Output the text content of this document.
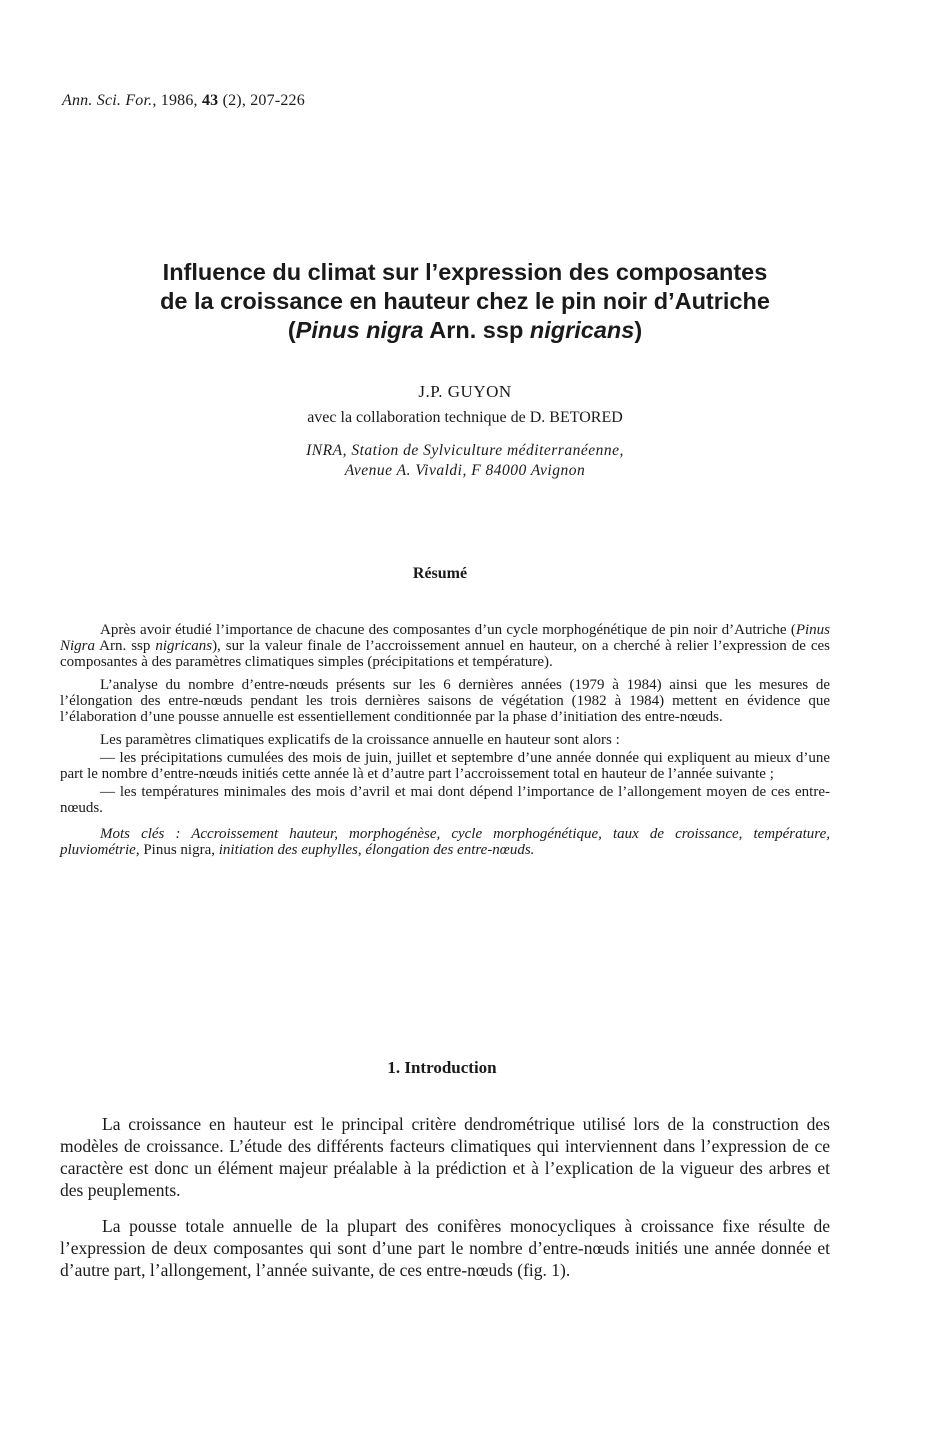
Ann. Sci. For., 1986, 43 (2), 207-226
Influence du climat sur l’expression des composantes
de la croissance en hauteur chez le pin noir d’Autriche
(Pinus nigra Arn. ssp nigricans)
J.P. GUYON
avec la collaboration technique de D. BETORED
INRA, Station de Sylviculture méditerranéenne,
Avenue A. Vivaldi, F 84000 Avignon
Résumé

Après avoir étudié l’importance de chacune des composantes d’un cycle morphogénétique de pin noir d’Autriche (Pinus Nigra Arn. ssp nigricans), sur la valeur finale de l’accroissement annuel en hauteur, on a cherché à relier l’expression de ces composantes à des paramètres climatiques simples (précipitations et température).

L’analyse du nombre d’entre-nœuds présents sur les 6 dernières années (1979 à 1984) ainsi que les mesures de l’élongation des entre-nœuds pendant les trois dernières saisons de végétation (1982 à 1984) mettent en évidence que l’élaboration d’une pousse annuelle est essentiellement conditionnée par la phase d’initiation des entre-nœuds.

Les paramètres climatiques explicatifs de la croissance annuelle en hauteur sont alors :

— les précipitations cumulées des mois de juin, juillet et septembre d’une année donnée qui expliquent au mieux d’une part le nombre d’entre-nœuds initiés cette année là et d’autre part l’accroissement total en hauteur de l’année suivante ;

— les températures minimales des mois d’avril et mai dont dépend l’importance de l’allongement moyen de ces entre-nœuds.

Mots clés : Accroissement hauteur, morphogénèse, cycle morphogénétique, taux de croissance, température, pluviométrie, Pinus nigra, initiation des euphylles, élongation des entre-nœuds.

1. Introduction

La croissance en hauteur est le principal critère dendrométrique utilisé lors de la construction des modèles de croissance. L’étude des différents facteurs climatiques qui interviennent dans l’expression de ce caractère est donc un élément majeur préalable à la prédiction et à l’explication de la vigueur des arbres et des peuplements.

La pousse totale annuelle de la plupart des conifères monocycliques à croissance fixe résulte de l’expression de deux composantes qui sont d’une part le nombre d’entre-nœuds initiés une année donnée et d’autre part, l’allongement, l’année suivante, de ces entre-nœuds (fig. 1).
